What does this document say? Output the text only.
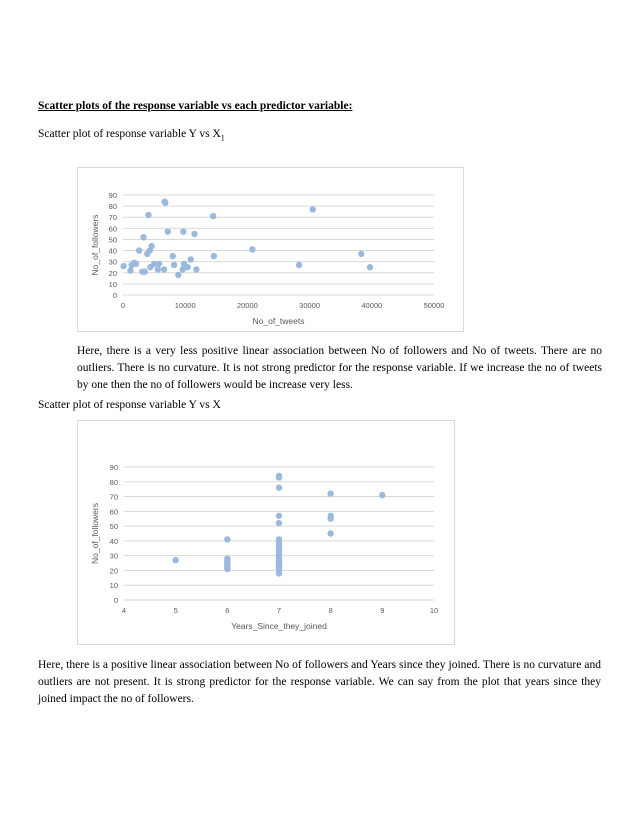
Scatter plots of the response variable vs each predictor variable:
Scatter plot of response variable Y vs $X_1$
0
10
20
30
40
50
60
70
80
90
0	10000	20000	30000	40000	50000
No_of_tweets
No_of_followers
Here, there is a very less positive linear association between No of followers and No of tweets. There are no outliers. There is no curvature. It is not strong predictor for the response variable. If we increase the no of tweets by one then the no of followers would be increase very less.
Scatter plot of response variable Y vs X
0
10
20
30
40
50
60
70
80
90
4	5	6	7	8	9	10
Years_Since_they_joined
No_of_followers
Here, there is a positive linear association between No of followers and Years since they joined. There is no curvature and outliers are not present. It is strong predictor for the response variable. We can say from the plot that years since they joined impact the no of followers.
